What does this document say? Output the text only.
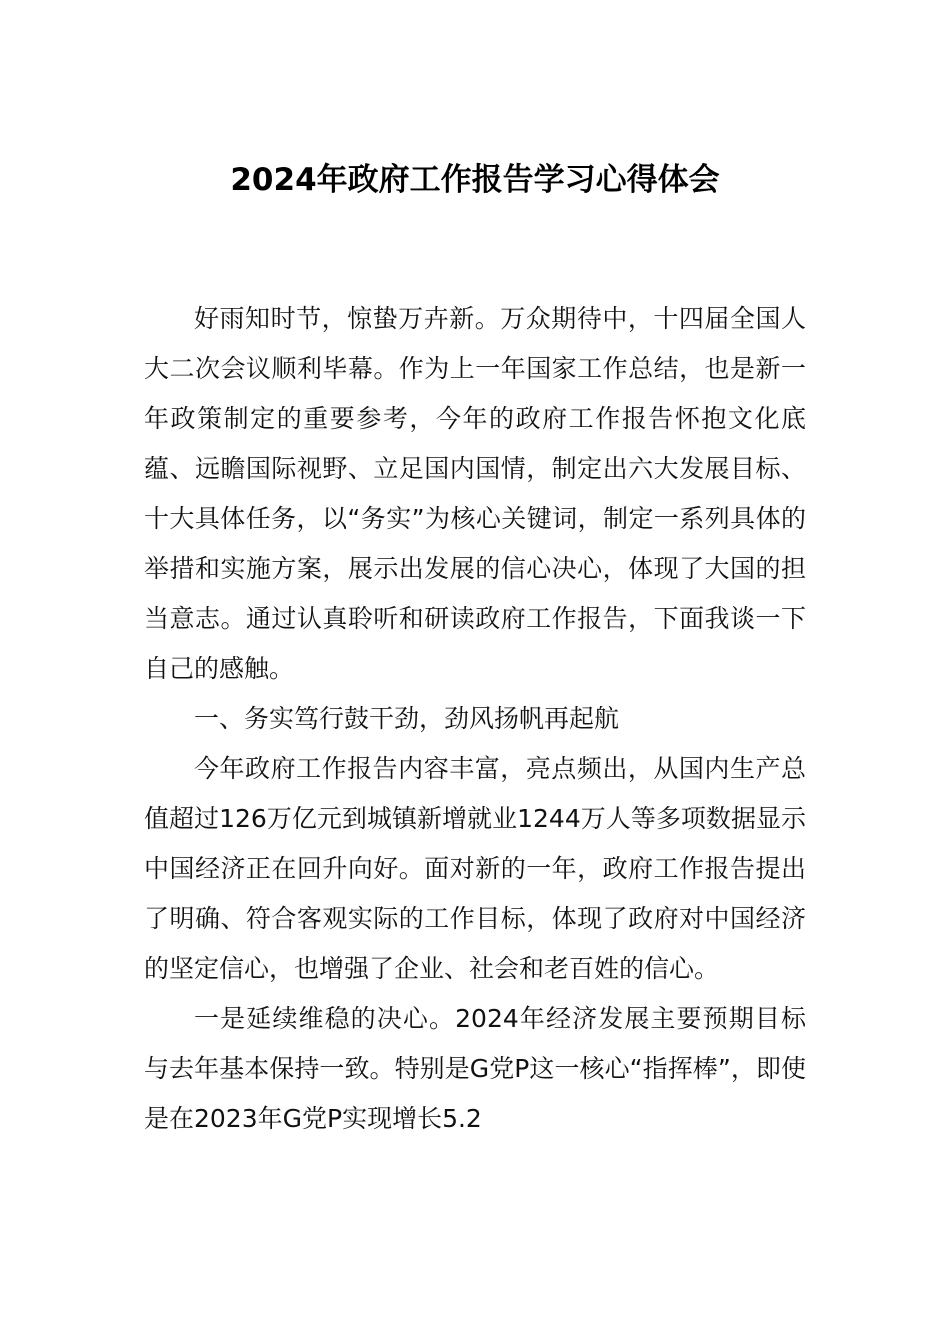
2024年政府工作报告学习心得体会

好雨知时节，惊蛰万卉新。万众期待中，十四届全国人大二次会议顺利毕幕。作为上一年国家工作总结，也是新一年政策制定的重要参考，今年的政府工作报告怀抱文化底蕴、远瞻国际视野、立足国内国情，制定出六大发展目标、十大具体任务，以“务实”为核心关键词，制定一系列具体的举措和实施方案，展示出发展的信心决心，体现了大国的担当意志。通过认真聆听和研读政府工作报告，下面我谈一下自己的感触。

一、务实笃行鼓干劲，劲风扬帆再起航

今年政府工作报告内容丰富，亮点频出，从国内生产总值超过126万亿元到城镇新增就业1244万人等多项数据显示中国经济正在回升向好。面对新的一年，政府工作报告提出了明确、符合客观实际的工作目标，体现了政府对中国经济的坚定信心，也增强了企业、社会和老百姓的信心。

一是延续维稳的决心。2024年经济发展主要预期目标与去年基本保持一致。特别是G党P这一核心“指挥棒”，即使是在2023年G党P实现增长5.2
